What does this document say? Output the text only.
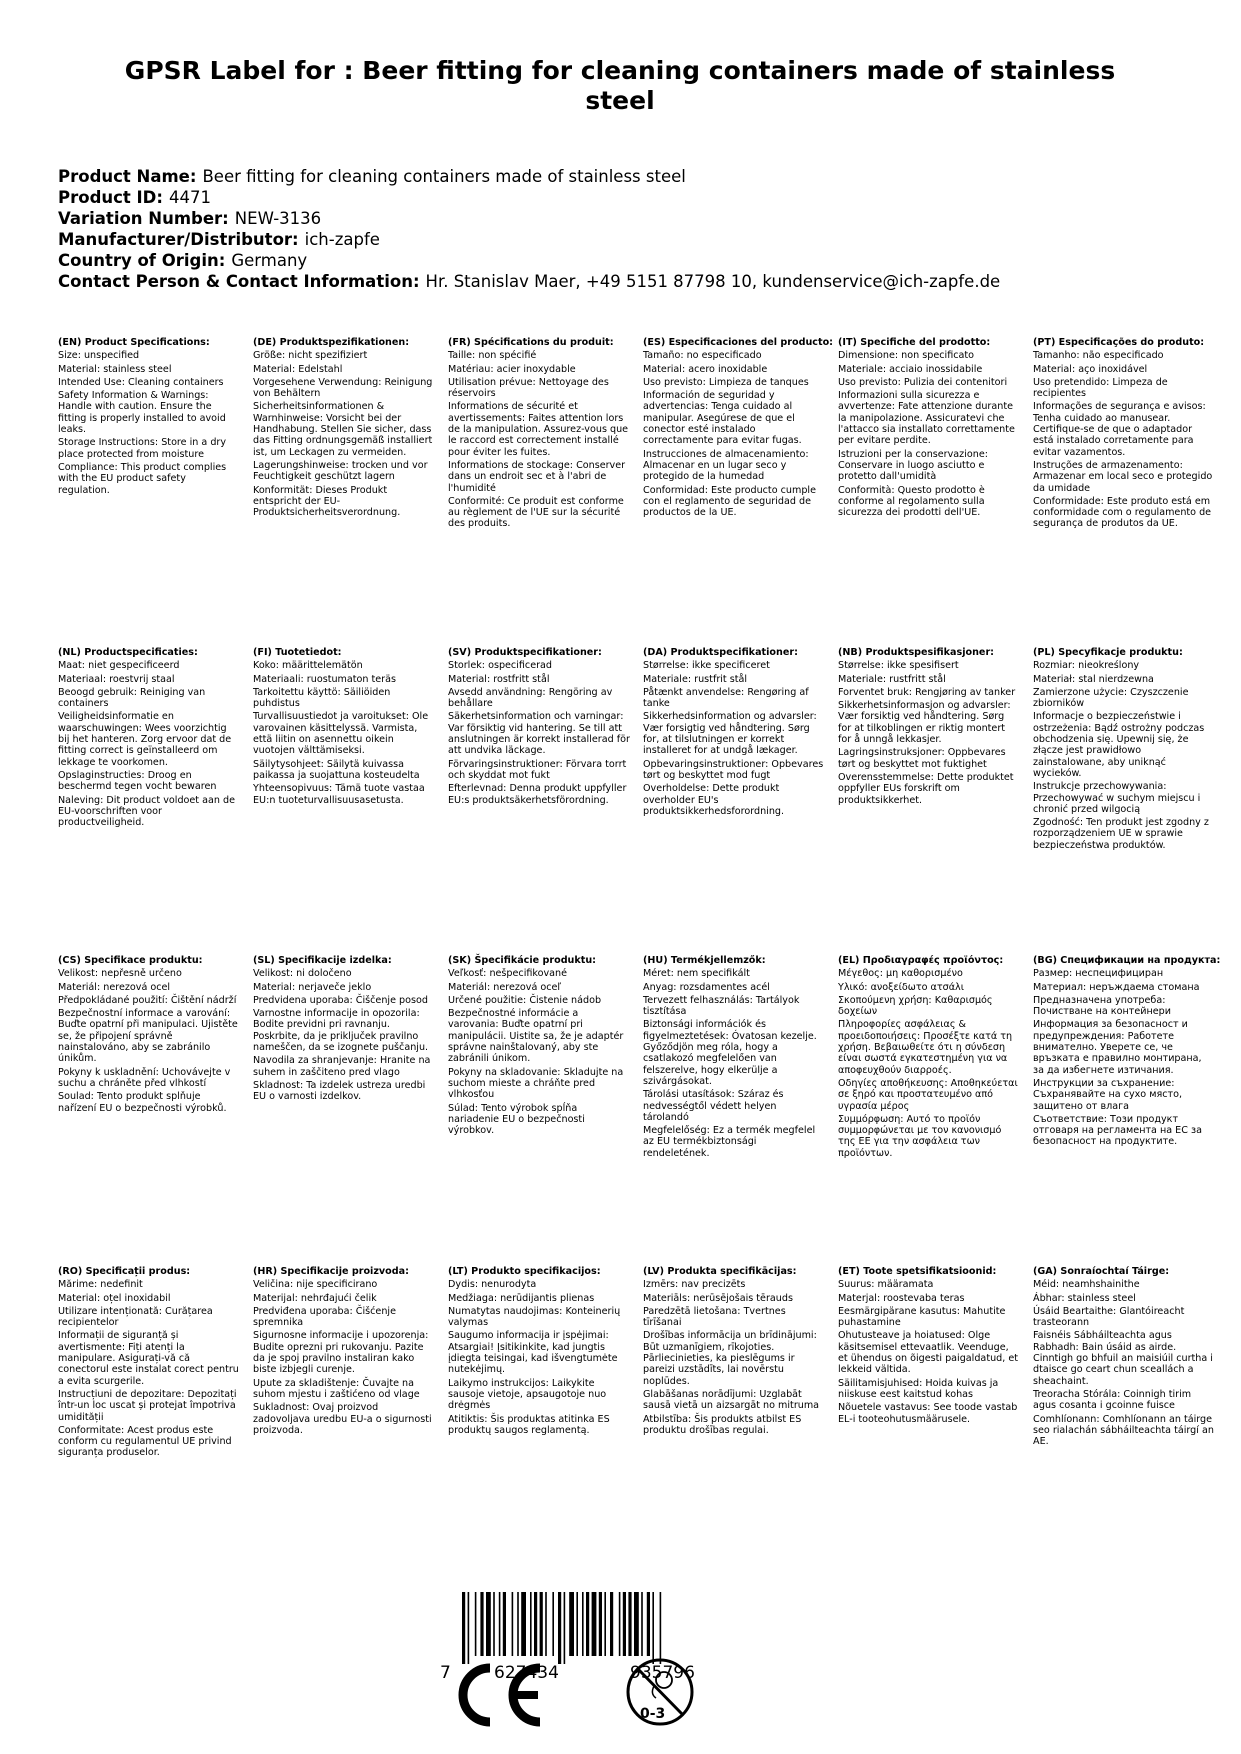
GPSR Label for : Beer fitting for cleaning containers made of stainless steel
Product Name: Beer fitting for cleaning containers made of stainless steel
Product ID: 4471
Variation Number: NEW-3136
Manufacturer/Distributor: ich-zapfe
Country of Origin: Germany
Contact Person & Contact Information: Hr. Stanislav Maer, +49 5151 87798 10, kundenservice@ich-zapfe.de
(EN) Product Specifications:
Size: unspecified
Material: stainless steel
Intended Use: Cleaning containers
Safety Information & Warnings: Handle with caution. Ensure the fitting is properly installed to avoid leaks.
Storage Instructions: Store in a dry place protected from moisture
Compliance: This product complies with the EU product safety regulation.
(DE) Produktspezifikationen:
Größe: nicht spezifiziert
Material: Edelstahl
Vorgesehene Verwendung: Reinigung von Behältern
Sicherheitsinformationen & Warnhinweise: Vorsicht bei der Handhabung. Stellen Sie sicher, dass das Fitting ordnungsgemäß installiert ist, um Leckagen zu vermeiden.
Lagerungshinweise: trocken und vor Feuchtigkeit geschützt lagern
Konformität: Dieses Produkt entspricht der EU-Produktsicherheitsverordnung.
(FR) Spécifications du produit:
Taille: non spécifié
Matériau: acier inoxydable
Utilisation prévue: Nettoyage des réservoirs
Informations de sécurité et avertissements: Faites attention lors de la manipulation. Assurez-vous que le raccord est correctement installé pour éviter les fuites.
Informations de stockage: Conserver dans un endroit sec et à l'abri de l'humidité
Conformité: Ce produit est conforme au règlement de l'UE sur la sécurité des produits.
(ES) Especificaciones del producto:
Tamaño: no especificado
Material: acero inoxidable
Uso previsto: Limpieza de tanques
Información de seguridad y advertencias: Tenga cuidado al manipular. Asegúrese de que el conector esté instalado correctamente para evitar fugas.
Instrucciones de almacenamiento: Almacenar en un lugar seco y protegido de la humedad
Conformidad: Este producto cumple con el reglamento de seguridad de productos de la UE.
(IT) Specifiche del prodotto:
Dimensione: non specificato
Materiale: acciaio inossidabile
Uso previsto: Pulizia dei contenitori
Informazioni sulla sicurezza e avvertenze: Fate attenzione durante la manipolazione. Assicuratevi che l'attacco sia installato correttamente per evitare perdite.
Istruzioni per la conservazione: Conservare in luogo asciutto e protetto dall'umidità
Conformità: Questo prodotto è conforme al regolamento sulla sicurezza dei prodotti dell'UE.
(PT) Especificações do produto:
Tamanho: não especificado
Material: aço inoxidável
Uso pretendido: Limpeza de recipientes
Informações de segurança e avisos: Tenha cuidado ao manusear. Certifique-se de que o adaptador está instalado corretamente para evitar vazamentos.
Instruções de armazenamento: Armazenar em local seco e protegido da umidade
Conformidade: Este produto está em conformidade com o regulamento de segurança de produtos da UE.
(NL) Productspecificaties:
Maat: niet gespecificeerd
Materiaal: roestvrij staal
Beoogd gebruik: Reiniging van containers
Veiligheidsinformatie en waarschuwingen: Wees voorzichtig bij het hanteren. Zorg ervoor dat de fitting correct is geïnstalleerd om lekkage te voorkomen.
Opslaginstructies: Droog en beschermd tegen vocht bewaren
Naleving: Dit product voldoet aan de EU-voorschriften voor productveiligheid.
(FI) Tuotetiedot:
Koko: määrittelemätön
Materiaali: ruostumaton teräs
Tarkoitettu käyttö: Säiliöiden puhdistus
Turvallisuustiedot ja varoitukset: Ole varovainen käsittelyssä. Varmista, että liitin on asennettu oikein vuotojen välttämiseksi.
Säilytysohjeet: Säilytä kuivassa paikassa ja suojattuna kosteudelta
Yhteensopivuus: Tämä tuote vastaa EU:n tuoteturvallisuusasetusta.
(SV) Produktspecifikationer:
Storlek: ospecificerad
Material: rostfritt stål
Avsedd användning: Rengöring av behållare
Säkerhetsinformation och varningar: Var försiktig vid hantering. Se till att anslutningen är korrekt installerad för att undvika läckage.
Förvaringsinstruktioner: Förvara torrt och skyddat mot fukt
Efterlevnad: Denna produkt uppfyller EU:s produktsäkerhetsförordning.
(DA) Produktspecifikationer:
Størrelse: ikke specificeret
Materiale: rustfrit stål
Påtænkt anvendelse: Rengøring af tanke
Sikkerhedsinformation og advarsler: Vær forsigtig ved håndtering. Sørg for, at tilslutningen er korrekt installeret for at undgå lækager.
Opbevaringsinstruktioner: Opbevares tørt og beskyttet mod fugt
Overholdelse: Dette produkt overholder EU's produktsikkerhedsforordning.
(NB) Produktspesifikasjoner:
Størrelse: ikke spesifisert
Materiale: rustfritt stål
Forventet bruk: Rengjøring av tanker
Sikkerhetsinformasjon og advarsler: Vær forsiktig ved håndtering. Sørg for at tilkoblingen er riktig montert for å unngå lekkasjer.
Lagringsinstruksjoner: Oppbevares tørt og beskyttet mot fuktighet
Overensstemmelse: Dette produktet oppfyller EUs forskrift om produktsikkerhet.
(PL) Specyfikacje produktu:
Rozmiar: nieokreślony
Materiał: stal nierdzewna
Zamierzone użycie: Czyszczenie zbiorników
Informacje o bezpieczeństwie i ostrzeżenia: Bądź ostrożny podczas obchodzenia się. Upewnij się, że złącze jest prawidłowo zainstalowane, aby uniknąć wycieków.
Instrukcje przechowywania: Przechowywać w suchym miejscu i chronić przed wilgocią
Zgodność: Ten produkt jest zgodny z rozporządzeniem UE w sprawie bezpieczeństwa produktów.
(CS) Specifikace produktu:
Velikost: nepřesně určeno
Materiál: nerezová ocel
Předpokládané použití: Čištění nádrží
Bezpečnostní informace a varování: Buďte opatrní při manipulaci. Ujistěte se, že připojení správně nainstalováno, aby se zabránilo únikům.
Pokyny k uskladnění: Uchovávejte v suchu a chráněte před vlhkostí
Soulad: Tento produkt splňuje nařízení EU o bezpečnosti výrobků.
(SL) Specifikacije izdelka:
Velikost: ni določeno
Material: nerjaveče jeklo
Predvidena uporaba: Čiščenje posod
Varnostne informacije in opozorila: Bodite previdni pri ravnanju. Poskrbite, da je priključek pravilno nameščen, da se izognete puščanju.
Navodila za shranjevanje: Hranite na suhem in zaščiteno pred vlago
Skladnost: Ta izdelek ustreza uredbi EU o varnosti izdelkov.
(SK) Špecifikácie produktu:
Veľkosť: nešpecifikované
Materiál: nerezová oceľ
Určené použitie: Čistenie nádob
Bezpečnostné informácie a varovania: Buďte opatrní pri manipulácii. Uistite sa, že je adaptér správne nainštalovaný, aby ste zabránili únikom.
Pokyny na skladovanie: Skladujte na suchom mieste a chráňte pred vlhkosťou
Súlad: Tento výrobok spĺňa nariadenie EU o bezpečnosti výrobkov.
(HU) Termékjellemzők:
Méret: nem specifikált
Anyag: rozsdamentes acél
Tervezett felhasználás: Tartályok tisztítása
Biztonsági információk és figyelmeztetések: Óvatosan kezelje. Győződjön meg róla, hogy a csatlakozó megfelelően van felszerelve, hogy elkerülje a szivárgásokat.
Tárolási utasítások: Száraz és nedvességtől védett helyen tárolandó
Megfelelőség: Ez a termék megfelel az EU termékbiztonsági rendeletének.
(EL) Προδιαγραφές προϊόντος:
Μέγεθος: μη καθορισμένο
Υλικό: ανοξείδωτο ατσάλι
Σκοπούμενη χρήση: Καθαρισμός δοχείων
Πληροφορίες ασφάλειας & προειδοποιήσεις: Προσέξτε κατά τη χρήση. Βεβαιωθείτε ότι η σύνδεση είναι σωστά εγκατεστημένη για να αποφευχθούν διαρροές.
Οδηγίες αποθήκευσης: Αποθηκεύεται σε ξηρό και προστατευμένο από υγρασία μέρος
Συμμόρφωση: Αυτό το προϊόν συμμορφώνεται με τον κανονισμό της ΕΕ για την ασφάλεια των προϊόντων.
(BG) Спецификации на продукта:
Размер: неспецифициран
Материал: неръждаема стомана
Предназначена употреба: Почистване на контейнери
Информация за безопасност и предупреждения: Работете внимателно. Уверете се, че връзката е правилно монтирана, за да избегнете изтичания.
Инструкции за съхранение: Съхранявайте на сухо място, защитено от влага
Съответствие: Този продукт отговаря на регламента на ЕС за безопасност на продуктите.
(RO) Specificații produs:
Mărime: nedefinit
Material: oțel inoxidabil
Utilizare intenționată: Curățarea recipientelor
Informații de siguranță și avertismente: Fiți atenți la manipulare. Asigurați-vă că conectorul este instalat corect pentru a evita scurgerile.
Instrucțiuni de depozitare: Depozitați într-un loc uscat și protejat împotriva umidității
Conformitate: Acest produs este conform cu regulamentul UE privind siguranța produselor.
(HR) Specifikacije proizvoda:
Veličina: nije specificirano
Materijal: nehrđajući čelik
Predviđena uporaba: Čišćenje spremnika
Sigurnosne informacije i upozorenja: Budite oprezni pri rukovanju. Pazite da je spoj pravilno instaliran kako biste izbjegli curenje.
Upute za skladištenje: Čuvajte na suhom mjestu i zaštićeno od vlage
Sukladnost: Ovaj proizvod zadovoljava uredbu EU-a o sigurnosti proizvoda.
(LT) Produkto specifikacijos:
Dydis: nenurodyta
Medžiaga: nerūdijantis plienas
Numatytas naudojimas: Konteinerių valymas
Saugumo informacija ir įspėjimai: Atsargiai! Įsitikinkite, kad jungtis įdiegta teisingai, kad išvengtumėte nutekėjimų.
Laikymo instrukcijos: Laikykite sausoje vietoje, apsaugotoje nuo drėgmės
Atitiktis: Šis produktas atitinka ES produktų saugos reglamentą.
(LV) Produkta specifikācijas:
Izmērs: nav precizēts
Materiāls: nerūsējošais tērauds
Paredzētā lietošana: Tvertnes tīrīšanai
Drošības informācija un brīdinājumi: Būt uzmanīgiem, rīkojoties. Pārliecinieties, ka pieslēgums ir pareizi uzstādīts, lai novērstu noplūdes.
Glabāšanas norādījumi: Uzglabāt sausā vietā un aizsargāt no mitruma
Atbilstība: Šis produkts atbilst ES produktu drošības regulai.
(ET) Toote spetsifikatsioonid:
Suurus: määramata
Materjal: roostevaba teras
Eesmärgipärane kasutus: Mahutite puhastamine
Ohutusteave ja hoiatused: Olge käsitsemisel ettevaatlik. Veenduge, et ühendus on õigesti paigaldatud, et lekkeid vältida.
Säilitamisjuhised: Hoida kuivas ja niiskuse eest kaitstud kohas
Nõuetele vastavus: See toode vastab EL-i tooteohutusmäärusele.
(GA) Sonraíochtaí Táirge:
Méid: neamhshainithe
Ábhar: stainless steel
Úsáid Beartaithe: Glantóireacht trasteorann
Faisnéis Sábháilteachta agus Rabhadh: Bain úsáid as airde. Cinntigh go bhfuil an maisiúil curtha i dtaisce go ceart chun sceallách a sheachaint.
Treoracha Stórála: Coinnigh tirim agus cosanta i gcoinne fuisce
Comhlíonann: Comhlíonann an táirge seo rialachán sábháilteachta táirgí an AE.
7	627434	935796
0-3
